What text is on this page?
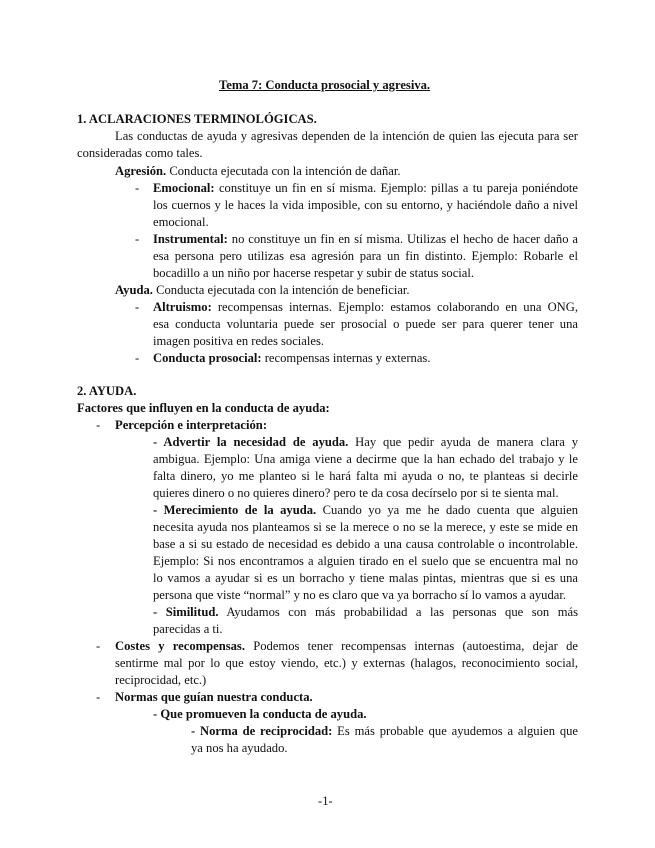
Tema 7: Conducta prosocial y agresiva.
1. ACLARACIONES TERMINOLÓGICAS.
Las conductas de ayuda y agresivas dependen de la intención de quien las ejecuta para ser
consideradas como tales.
Agresión. Conducta ejecutada con la intención de dañar.
- Emocional: constituye un fin en sí misma. Ejemplo: pillas a tu pareja poniéndote
los cuernos y le haces la vida imposible, con su entorno, y haciéndole daño a nivel
emocional.
- Instrumental: no constituye un fin en sí misma. Utilizas el hecho de hacer daño a
esa persona pero utilizas esa agresión para un fin distinto. Ejemplo: Robarle el
bocadillo a un niño por hacerse respetar y subir de status social.
Ayuda. Conducta ejecutada con la intención de beneficiar.
- Altruismo: recompensas internas. Ejemplo: estamos colaborando en una ONG,
esa conducta voluntaria puede ser prosocial o puede ser para querer tener una
imagen positiva en redes sociales.
- Conducta prosocial: recompensas internas y externas.
2. AYUDA.
Factores que influyen en la conducta de ayuda:
- Percepción e interpretación:
- Advertir la necesidad de ayuda. Hay que pedir ayuda de manera clara y
ambigua. Ejemplo: Una amiga viene a decirme que la han echado del trabajo y le
falta dinero, yo me planteo si le hará falta mi ayuda o no, te planteas si decirle
quieres dinero o no quieres dinero? pero te da cosa decírselo por si te sienta mal.
- Merecimiento de la ayuda. Cuando yo ya me he dado cuenta que alguien
necesita ayuda nos planteamos si se la merece o no se la merece, y este se mide en
base a si su estado de necesidad es debido a una causa controlable o incontrolable.
Ejemplo: Si nos encontramos a alguien tirado en el suelo que se encuentra mal no
lo vamos a ayudar si es un borracho y tiene malas pintas, mientras que si es una
persona que viste “normal” y no es claro que va ya borracho sí lo vamos a ayudar.
- Similitud. Ayudamos con más probabilidad a las personas que son más
parecidas a ti.
- Costes y recompensas. Podemos tener recompensas internas (autoestima, dejar de
sentirme mal por lo que estoy viendo, etc.) y externas (halagos, reconocimiento social,
reciprocidad, etc.)
- Normas que guían nuestra conducta.
- Que promueven la conducta de ayuda.
- Norma de reciprocidad: Es más probable que ayudemos a alguien que
ya nos ha ayudado.
-1-
